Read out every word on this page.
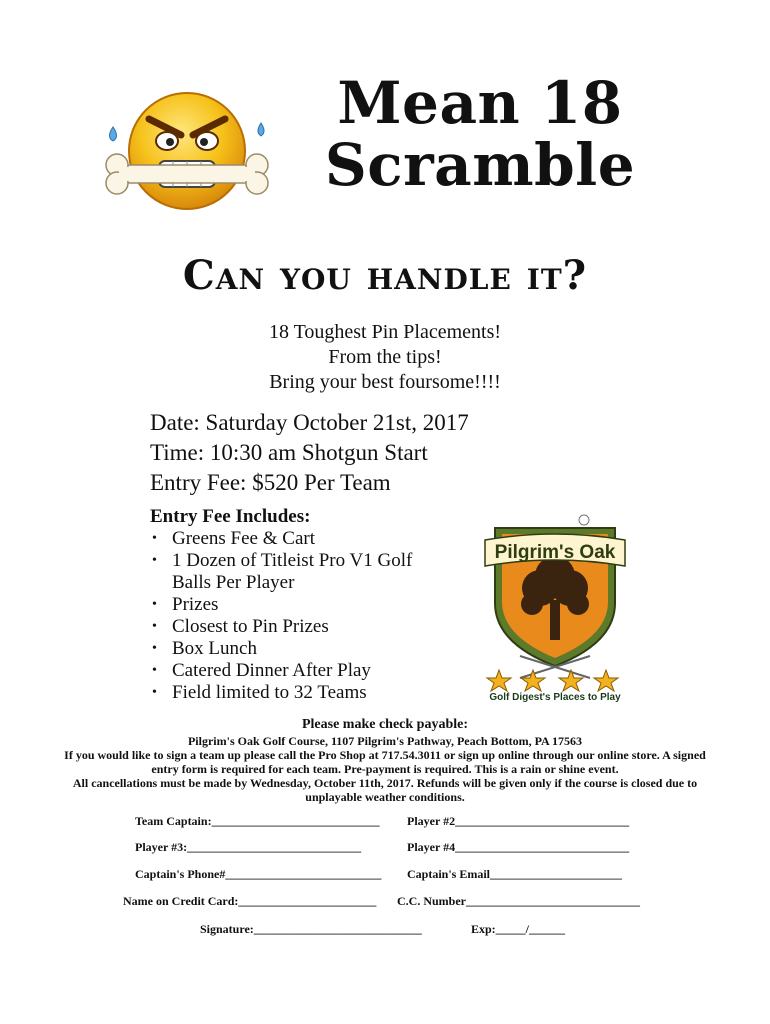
Mean 18
Scramble
Can you handle it?
18 Toughest Pin Placements!
From the tips!
Bring your best foursome!!!!
Date: Saturday October 21st, 2017
Time: 10:30 am Shotgun Start
Entry Fee: $520 Per Team
Entry Fee Includes:
• Greens Fee & Cart
• 1 Dozen of Titleist Pro V1 Golf Balls Per Player
• Prizes
• Closest to Pin Prizes
• Box Lunch
• Catered Dinner After Play
• Field limited to 32 Teams
Pilgrim's Oak
Golf Digest's Places to Play
Please make check payable:
Pilgrim's Oak Golf Course, 1107 Pilgrim's Pathway, Peach Bottom, PA 17563
If you would like to sign a team up please call the Pro Shop at 717.54.3011 or sign up online through our online store. A signed entry form is required for each team. Pre-payment is required. This is a rain or shine event.
All cancellations must be made by Wednesday, October 11th, 2017. Refunds will be given only if the course is closed due to unplayable weather conditions.
Team Captain:____________________________ Player #2_____________________________
Player #3:_____________________________	Player #4_____________________________
Captain's Phone#__________________________ Captain's Email______________________
Name on Credit Card:_______________________ C.C. Number_____________________________
Signature:____________________________	Exp:_____/______
